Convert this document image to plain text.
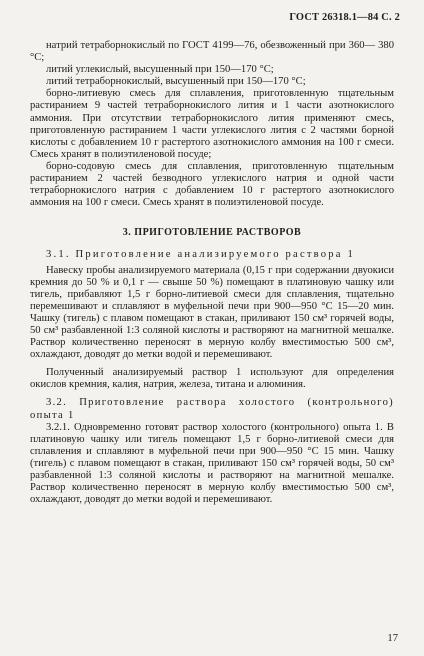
ГОСТ 26318.1—84 С. 2

натрий тетраборнокислый по ГОСТ 4199—76, обезвоженный при 360— 380 °С;

литий углекислый, высушенный при 150—170 °С;

литий тетраборнокислый, высушенный при 150—170 °С;

борно-литиевую смесь для сплавления, приготовленную тщательным растиранием 9 частей тетраборнокислого лития и 1 части азотнокислого аммония. При отсутствии тетраборнокислого лития применяют смесь, приготовленную растиранием 1 части углекислого лития с 2 частями борной кислоты с добавлением 10 г растертого азотнокислого аммония на 100 г смеси. Смесь хранят в полиэтиленовой посуде;

борно-содовую смесь для сплавления, приготовленную тщательным растиранием 2 частей безводного углекислого натрия и одной части тетраборнокислого натрия с добавлением 10 г растертого азотнокислого аммония на 100 г смеси. Смесь хранят в полиэтиленовой посуде.

3. ПРИГОТОВЛЕНИЕ РАСТВОРОВ

3.1. Приготовление анализируемого раствора 1

Навеску пробы анализируемого материала (0,15 г при содержании двуокиси кремния до 50 % и 0,1 г — свыше 50 %) помещают в платиновую чашку или тигель, прибавляют 1,5 г борно-литиевой смеси для сплавления, тщательно перемешивают и сплавляют в муфельной печи при 900—950 °С 15—20 мин. Чашку (тигель) с плавом помещают в стакан, приливают 150 см³ горячей воды, 50 см³ разбавленной 1:3 соляной кислоты и растворяют на магнитной мешалке. Раствор количественно переносят в мерную колбу вместимостью 500 см³, охлаждают, доводят до метки водой и перемешивают.

Полученный анализируемый раствор 1 используют для определения окислов кремния, калия, натрия, железа, титана и алюминия.

3.2. Приготовление раствора холостого (контрольного) опыта 1

3.2.1. Одновременно готовят раствор холостого (контрольного) опыта 1. В платиновую чашку или тигель помещают 1,5 г борно-литиевой смеси для сплавления и сплавляют в муфельной печи при 900—950 °С 15 мин. Чашку (тигель) с плавом помещают в стакан, приливают 150 см³ горячей воды, 50 см³ разбавленной 1:3 соляной кислоты и растворяют на магнитной мешалке. Раствор количественно переносят в мерную колбу вместимостью 500 см³, охлаждают, доводят до метки водой и перемешивают.

17
